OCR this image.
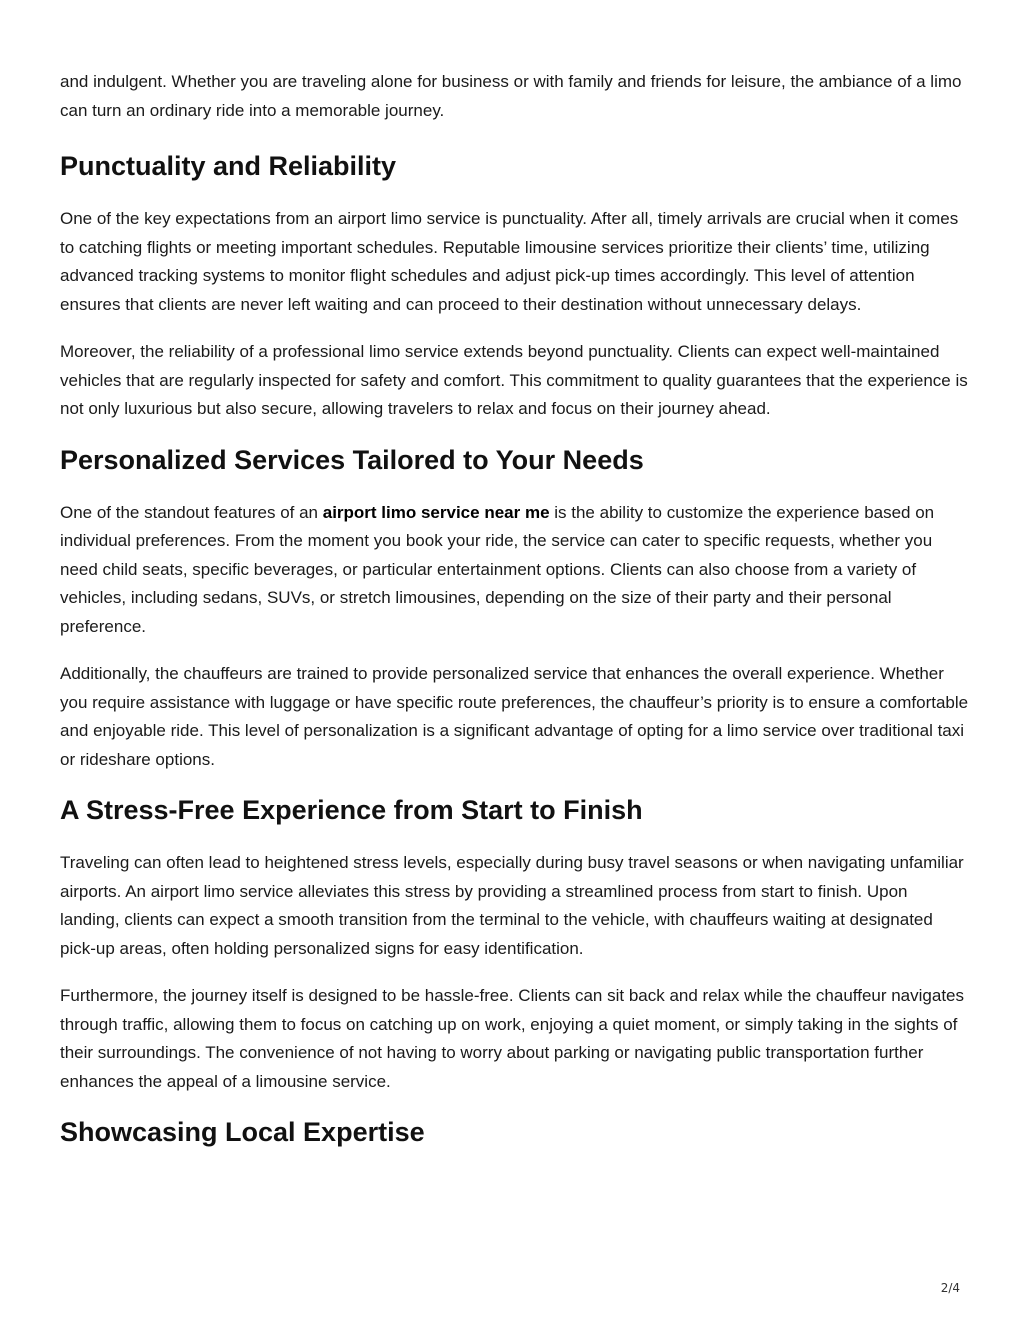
and indulgent. Whether you are traveling alone for business or with family and friends for leisure, the ambiance of a limo can turn an ordinary ride into a memorable journey.

Punctuality and Reliability

One of the key expectations from an airport limo service is punctuality. After all, timely arrivals are crucial when it comes to catching flights or meeting important schedules. Reputable limousine services prioritize their clients’ time, utilizing advanced tracking systems to monitor flight schedules and adjust pick-up times accordingly. This level of attention ensures that clients are never left waiting and can proceed to their destination without unnecessary delays.

Moreover, the reliability of a professional limo service extends beyond punctuality. Clients can expect well-maintained vehicles that are regularly inspected for safety and comfort. This commitment to quality guarantees that the experience is not only luxurious but also secure, allowing travelers to relax and focus on their journey ahead.

Personalized Services Tailored to Your Needs

One of the standout features of an airport limo service near me is the ability to customize the experience based on individual preferences. From the moment you book your ride, the service can cater to specific requests, whether you need child seats, specific beverages, or particular entertainment options. Clients can also choose from a variety of vehicles, including sedans, SUVs, or stretch limousines, depending on the size of their party and their personal preference.

Additionally, the chauffeurs are trained to provide personalized service that enhances the overall experience. Whether you require assistance with luggage or have specific route preferences, the chauffeur’s priority is to ensure a comfortable and enjoyable ride. This level of personalization is a significant advantage of opting for a limo service over traditional taxi or rideshare options.

A Stress-Free Experience from Start to Finish

Traveling can often lead to heightened stress levels, especially during busy travel seasons or when navigating unfamiliar airports. An airport limo service alleviates this stress by providing a streamlined process from start to finish. Upon landing, clients can expect a smooth transition from the terminal to the vehicle, with chauffeurs waiting at designated pick-up areas, often holding personalized signs for easy identification.

Furthermore, the journey itself is designed to be hassle-free. Clients can sit back and relax while the chauffeur navigates through traffic, allowing them to focus on catching up on work, enjoying a quiet moment, or simply taking in the sights of their surroundings. The convenience of not having to worry about parking or navigating public transportation further enhances the appeal of a limousine service.

Showcasing Local Expertise
2/4
